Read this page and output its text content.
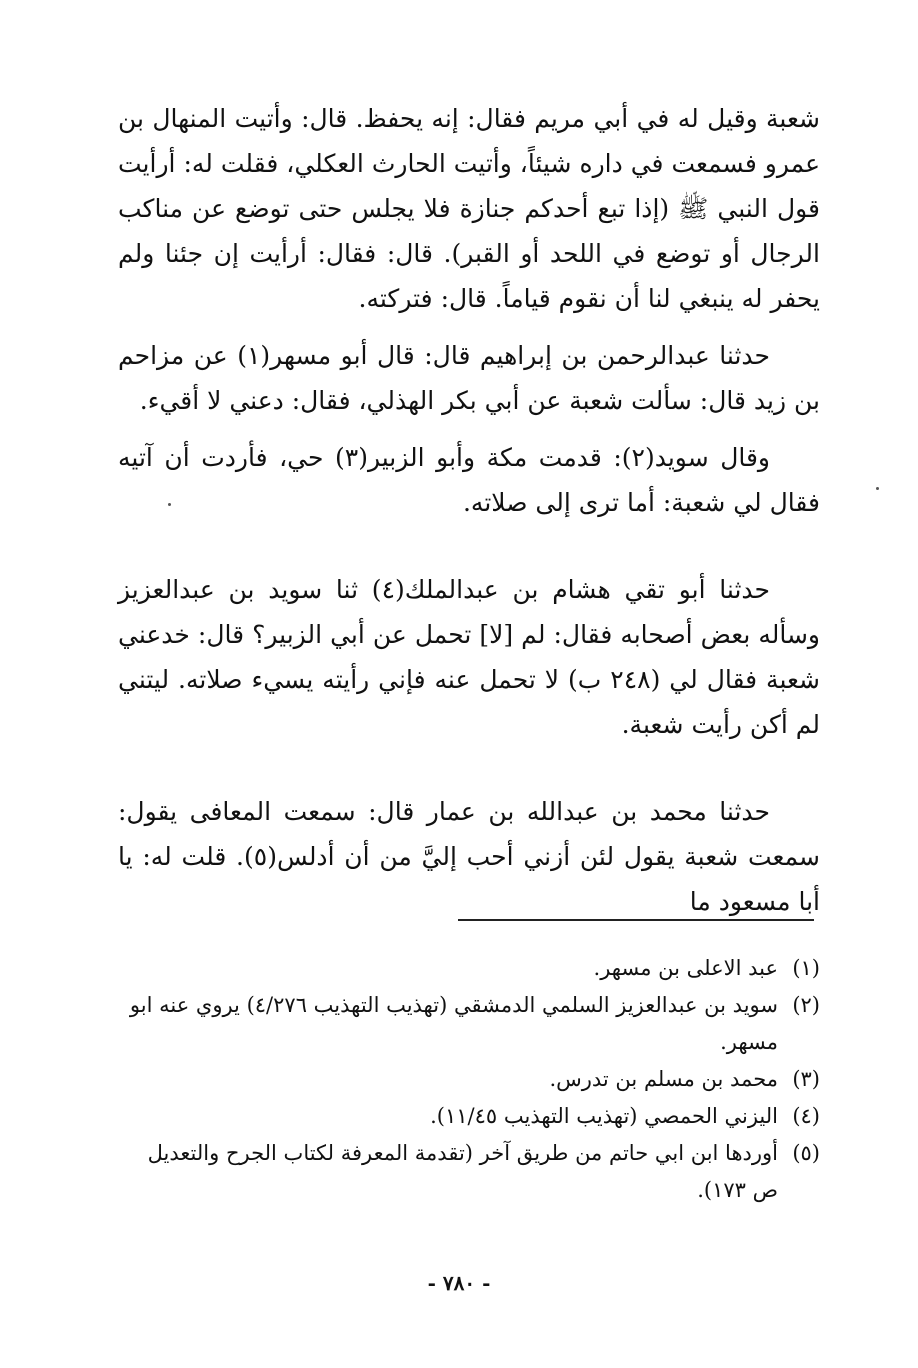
شعبة وقيل له في أبي مريم فقال: إنه يحفظ. قال: وأتيت المنهال بن عمرو فسمعت في داره شيئاً، وأتيت الحارث العكلي، فقلت له: أرأيت قول النبي ﷺ (إذا تبع أحدكم جنازة فلا يجلس حتى توضع عن مناكب الرجال أو توضع في اللحد أو القبر). قال: فقال: أرأيت إن جئنا ولم يحفر له ينبغي لنا أن نقوم قياماً. قال: فتركته.

حدثنا عبدالرحمن بن إبراهيم قال: قال أبو مسهر(١) عن مزاحم بن زيد قال: سألت شعبة عن أبي بكر الهذلي، فقال: دعني لا أقيء.

وقال سويد(٢): قدمت مكة وأبو الزبير(٣) حي، فأردت أن آتيه فقال لي شعبة: أما ترى إلى صلاته.

حدثنا أبو تقي هشام بن عبدالملك(٤) ثنا سويد بن عبدالعزيز وسأله بعض أصحابه فقال: لم [لا] تحمل عن أبي الزبير؟ قال: خدعني شعبة فقال لي (٢٤٨ ب) لا تحمل عنه فإني رأيته يسيء صلاته. ليتني لم أكن رأيت شعبة.

حدثنا محمد بن عبدالله بن عمار قال: سمعت المعافى يقول: سمعت شعبة يقول لئن أزني أحب إليَّ من أن أدلس(٥). قلت له: يا أبا مسعود ما

(١)
عبد الاعلى بن مسهر.
(٢)
سويد بن عبدالعزيز السلمي الدمشقي (تهذيب التهذيب ٤/٢٧٦) يروي عنه ابو مسهر.
(٣)
محمد بن مسلم بن تدرس.
(٤)
اليزني الحمصي (تهذيب التهذيب ١١/٤٥).
(٥)
أوردها ابن ابي حاتم من طريق آخر (تقدمة المعرفة لكتاب الجرح والتعديل ص ١٧٣).
- ٧٨٠ -
